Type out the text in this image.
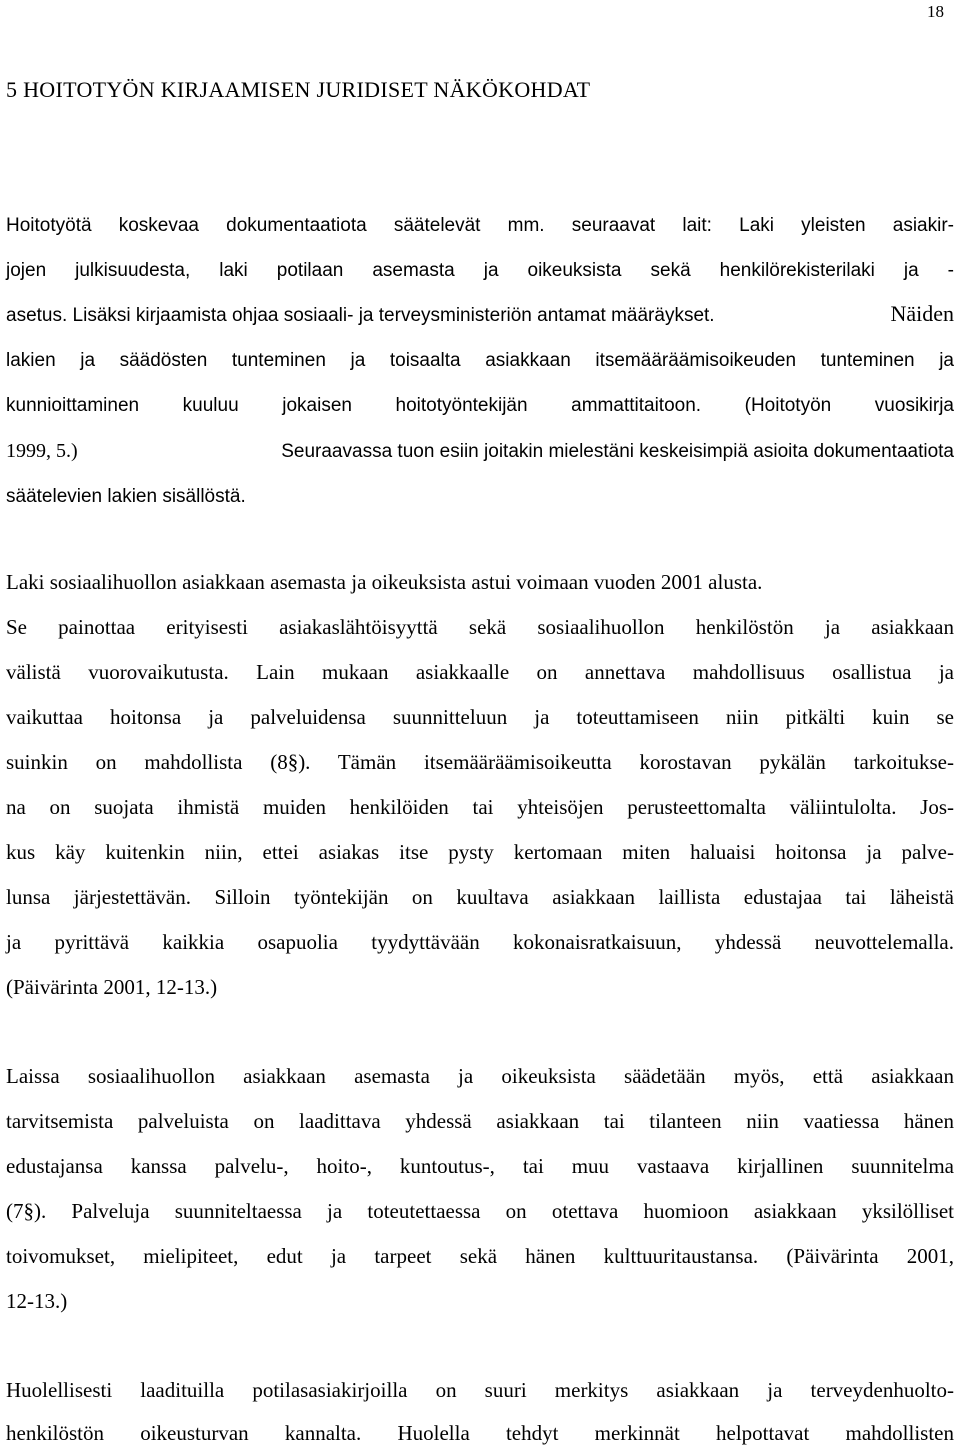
18
5 HOITOTYÖN KIRJAAMISEN JURIDISET NÄKÖKOHDAT

Hoitotyötä koskevaa dokumentaatiota säätelevät mm. seuraavat lait: Laki yleisten asiakir-

jojen julkisuudesta, laki potilaan asemasta ja oikeuksista sekä henkilörekisterilaki ja -

asetus. Lisäksi kirjaamista ohjaa sosiaali- ja terveysministeriön antamat määräykset.	Näiden

lakien ja säädösten tunteminen ja toisaalta asiakkaan itsemääräämisoikeuden tunteminen ja

kunnioittaminen kuuluu jokaisen hoitotyöntekijän ammattitaitoon. (Hoitotyön vuosikirja

1999, 5.)	Seuraavassa tuon esiin joitakin mielestäni keskeisimpiä asioita dokumentaatiota

säätelevien lakien sisällöstä.

Laki sosiaalihuollon asiakkaan asemasta ja oikeuksista astui voimaan vuoden 2001 alusta.

Se painottaa erityisesti asiakaslähtöisyyttä sekä sosiaalihuollon henkilöstön ja asiakkaan

välistä vuorovaikutusta. Lain mukaan asiakkaalle on annettava mahdollisuus osallistua ja

vaikuttaa hoitonsa ja palveluidensa suunnitteluun ja toteuttamiseen niin pitkälti kuin se

suinkin on mahdollista (8§). Tämän itsemääräämisoikeutta korostavan pykälän tarkoitukse-

na on suojata ihmistä muiden henkilöiden tai yhteisöjen perusteettomalta väliintulolta. Jos-

kus käy kuitenkin niin, ettei asiakas itse pysty kertomaan miten haluaisi hoitonsa ja palve-

lunsa järjestettävän. Silloin työntekijän on kuultava asiakkaan laillista edustajaa tai läheistä

ja pyrittävä kaikkia osapuolia tyydyttävään kokonaisratkaisuun, yhdessä neuvottelemalla.

(Päivärinta 2001, 12-13.)

Laissa sosiaalihuollon asiakkaan asemasta ja oikeuksista säädetään myös, että asiakkaan

tarvitsemista palveluista on laadittava yhdessä asiakkaan tai tilanteen niin vaatiessa hänen

edustajansa kanssa palvelu-, hoito-, kuntoutus-, tai muu vastaava kirjallinen suunnitelma

(7§). Palveluja suunniteltaessa ja toteutettaessa on otettava huomioon asiakkaan yksilölliset

toivomukset, mielipiteet, edut ja tarpeet sekä hänen kulttuuritaustansa. (Päivärinta 2001,

12-13.)

Huolellisesti laadituilla potilasasiakirjoilla on suuri merkitys asiakkaan ja terveydenhuolto-

henkilöstön oikeusturvan kannalta. Huolella tehdyt merkinnät helpottavat mahdollisten
